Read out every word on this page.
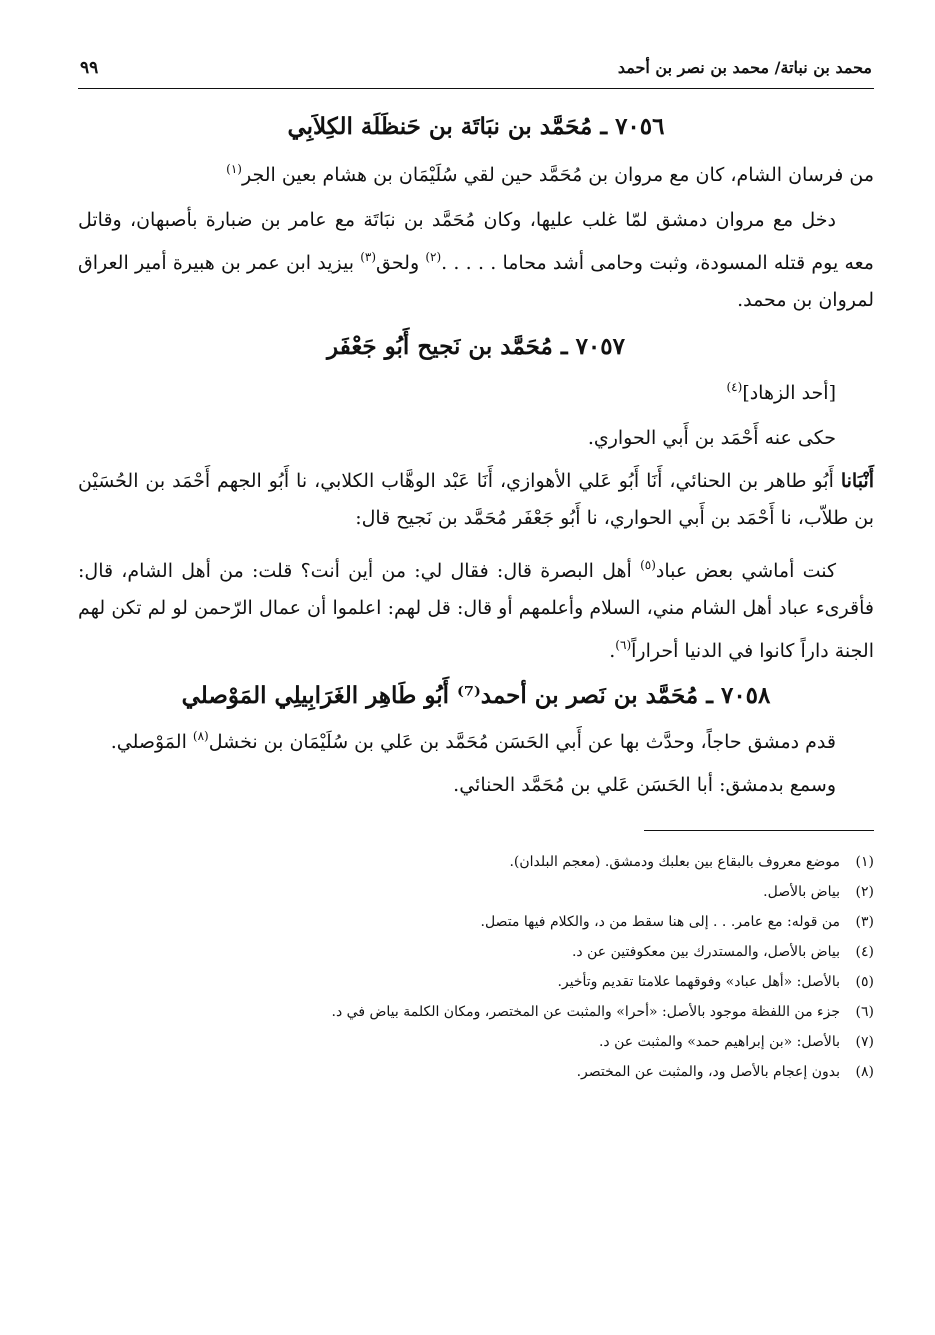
محمد بن نباتة/ محمد بن نصر بن أحمد
٩٩
٧٠٥٦ ـ مُحَمَّد بن نبَاتَة بن حَنظَلَة الكِلاَبِي

من فرسان الشام، كان مع مروان بن مُحَمَّد حين لقي سُلَيْمَان بن هشام بعين الجر$^{(١)}$

دخل مع مروان دمشق لمّا غلب عليها، وكان مُحَمَّد بن نبَاتَة مع عامر بن ضبارة بأصبهان، وقاتل معه يوم قتله المسودة، وثبت وحامى أشد محاما . . . . .$^{(٢)}$ ولحق$^{(٣)}$ بيزيد ابن عمر بن هبيرة أمير العراق لمروان بن محمد.

٧٠٥٧ ـ مُحَمَّد بن نَجيح أَبُو جَعْفَر

[أحد الزهاد]$^{(٤)}$

حكى عنه أَحْمَد بن أَبي الحواري.

أَنْبَانا أَبُو طاهر بن الحنائي، أَنَا أَبُو عَلي الأهوازي، أَنَا عَبْد الوهَّاب الكلابي، نا أَبُو الجهم أَحْمَد بن الحُسَيْن بن طلاّب، نا أَحْمَد بن أَبي الحواري، نا أَبُو جَعْفَر مُحَمَّد بن نَجيح قال:

كنت أماشي بعض عباد$^{(٥)}$ أهل البصرة قال: فقال لي: من أين أنت؟ قلت: من أهل الشام، قال: فأقرىء عباد أهل الشام مني، السلام وأعلمهم أو قال: قل لهم: اعلموا أن عمال الرّحمن لو لم تكن لهم الجنة داراً كانوا في الدنيا أحراراً$^{(٦)}$.

٧٠٥٨ ـ مُحَمَّد بن نَصر بن أحمد⁽⁷⁾ أَبُو طَاهِر الغَرَابِيلِي المَوْصلي

قدم دمشق حاجاً، وحدَّث بها عن أَبي الحَسَن مُحَمَّد بن عَلي بن سُلَيْمَان بن نخشل$^{(٨)}$ المَوْصلي.

وسمع بدمشق: أبا الحَسَن عَلي بن مُحَمَّد الحنائي.

(١)
موضع معروف بالبقاع بين بعلبك ودمشق. (معجم البلدان).
(٢)
بياض بالأصل.
(٣)
من قوله: مع عامر. . . إلى هنا سقط من د، والكلام فيها متصل.
(٤)
بياض بالأصل، والمستدرك بين معكوفتين عن د.
(٥)
بالأصل: «أهل عباد» وفوقهما علامتا تقديم وتأخير.
(٦)
جزء من اللفظة موجود بالأصل: «أحرا» والمثبت عن المختصر، ومكان الكلمة بياض في د.
(٧)
بالأصل: «بن إبراهيم حمد» والمثبت عن د.
(٨)
بدون إعجام بالأصل ود، والمثبت عن المختصر.
